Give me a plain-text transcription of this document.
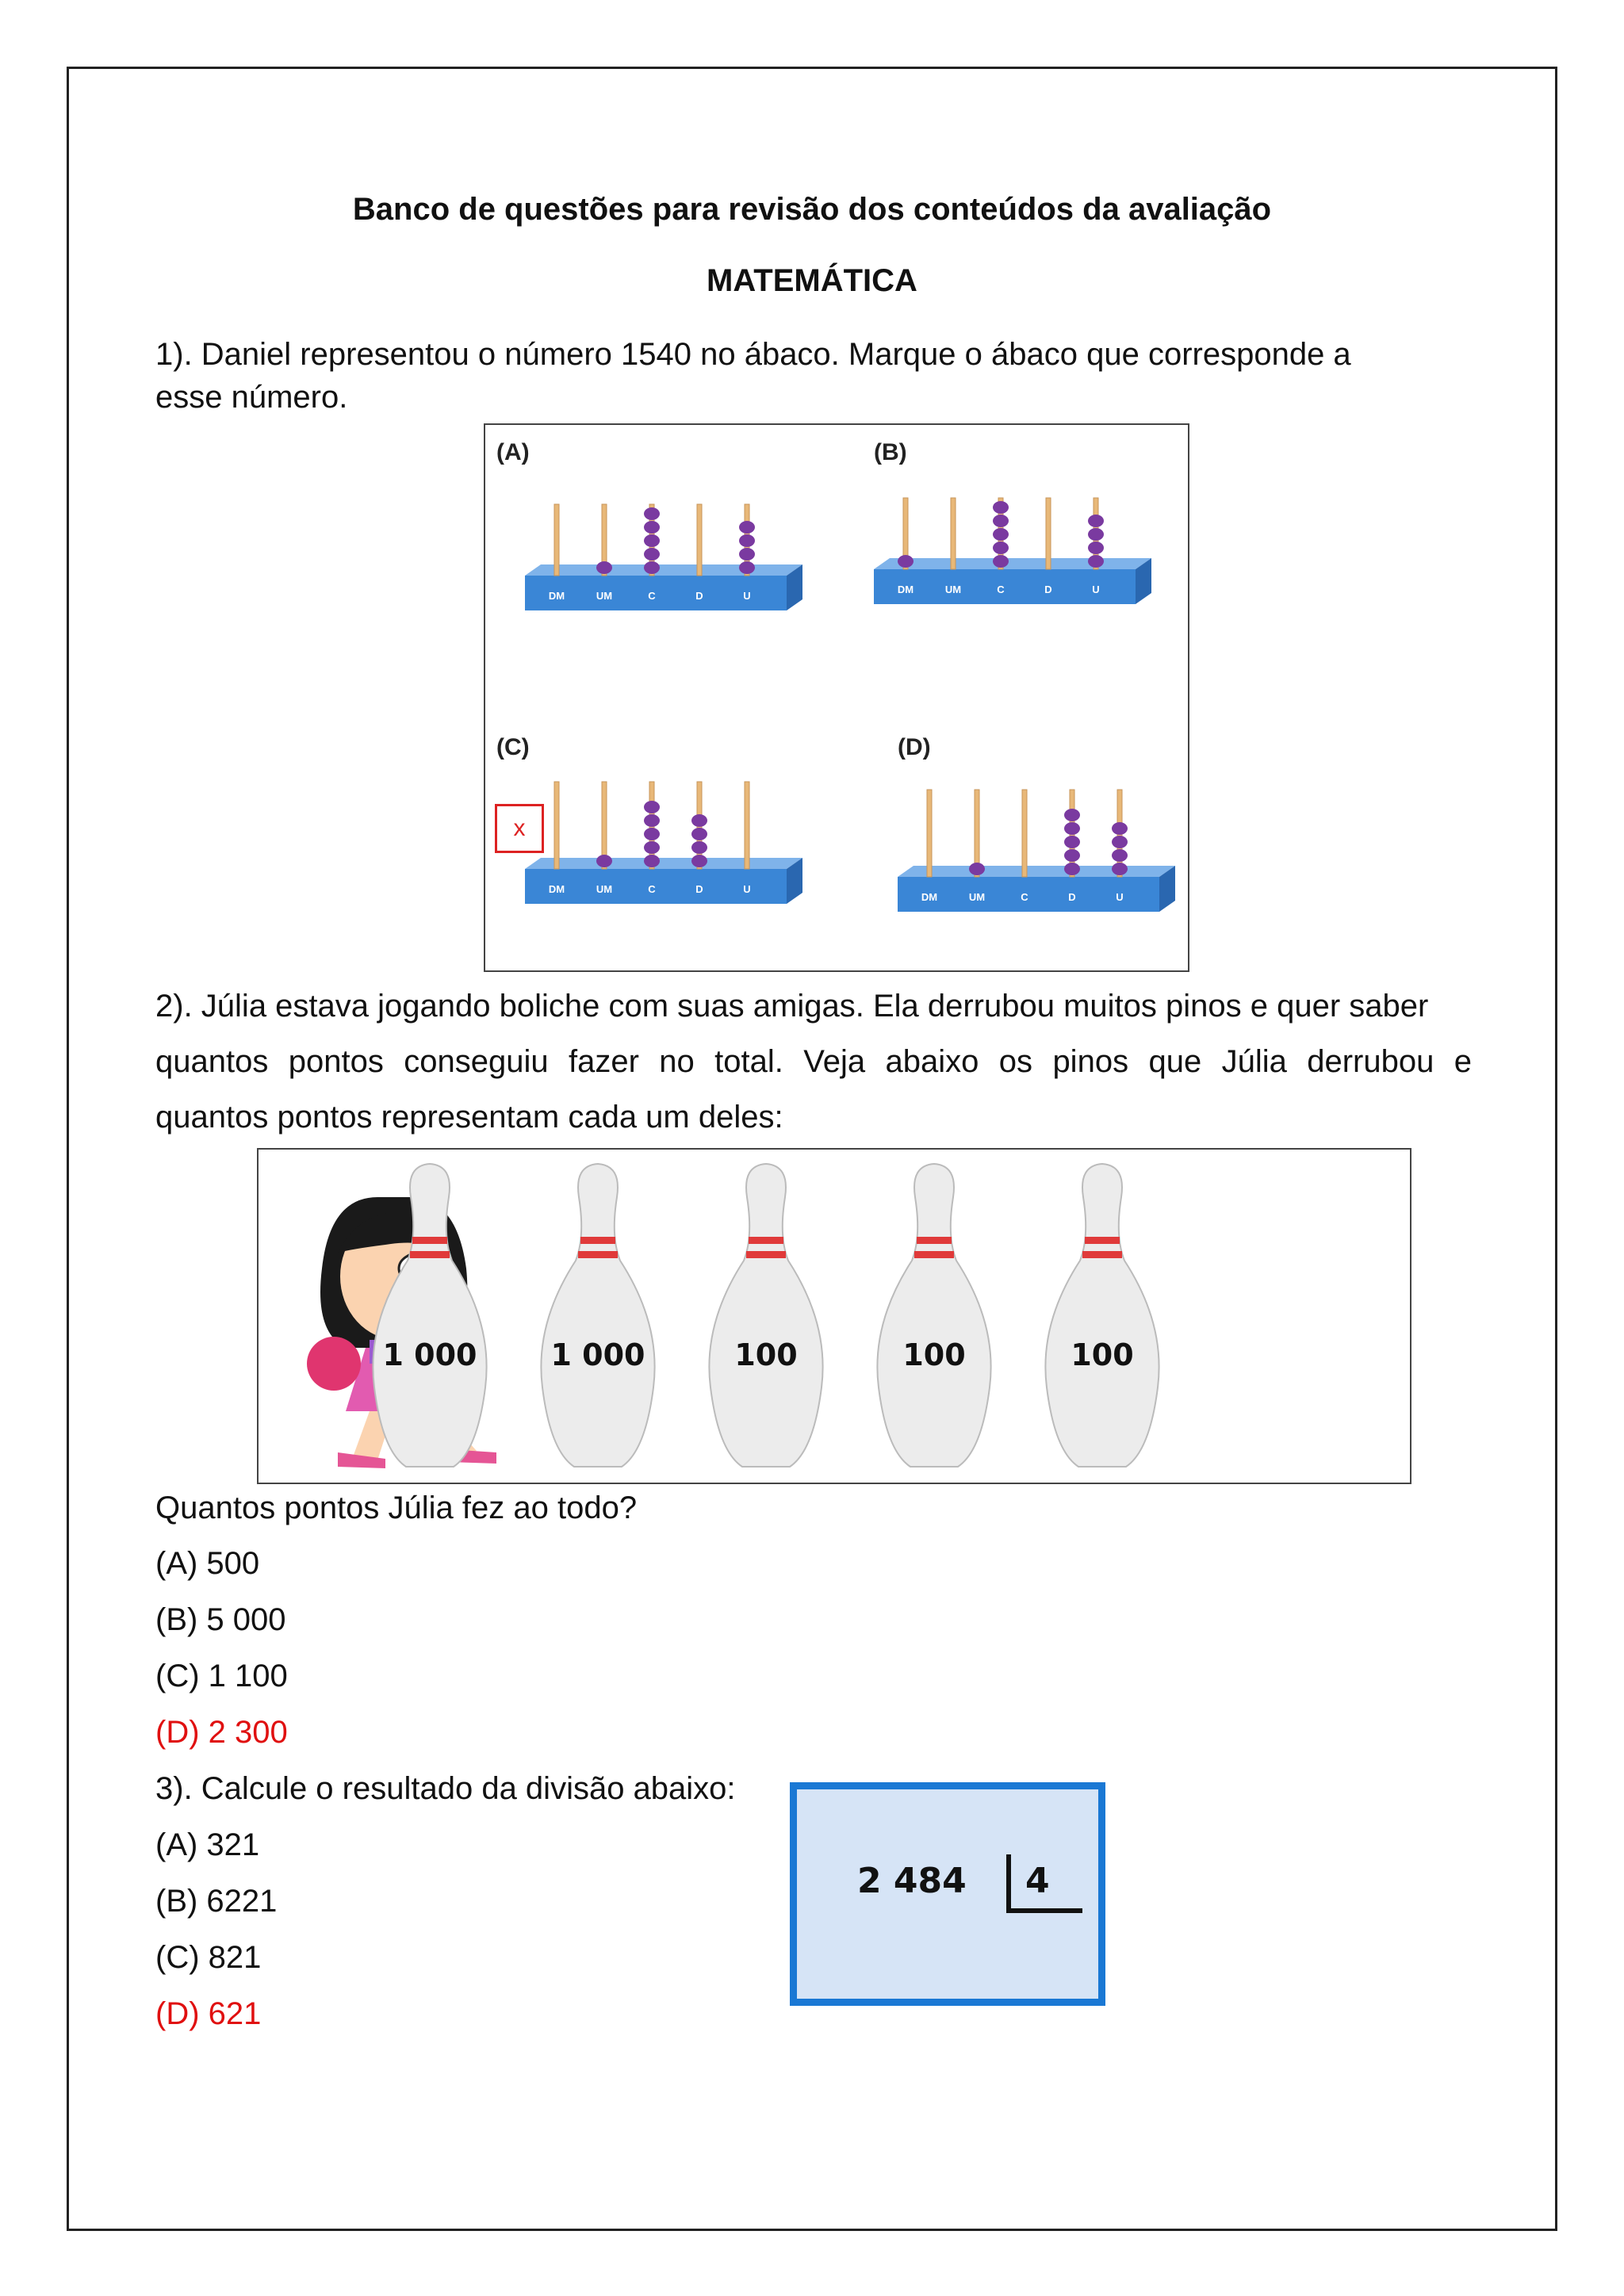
Banco de questões para revisão dos conteúdos da avaliação
MATEMÁTICA
1). Daniel representou o número 1540 no ábaco. Marque o ábaco que corresponde a
esse número.
(A)
DM	UM	C	D	U
(B)
DM	UM	C	D	U
(C)
x
DM	UM	C	D	U
(D)
DM	UM	C	D	U
2). Júlia estava jogando boliche com suas amigas. Ela derrubou muitos pinos e quer saber
quantos pontos conseguiu fazer no total. Veja abaixo os pinos que Júlia derrubou e
quantos pontos representam cada um deles:
1 000 1 000	100	100	100
Quantos pontos Júlia fez ao todo?
(A) 500
(B) 5 000
(C) 1 100
(D) 2 300
3). Calcule o resultado da divisão abaixo:
(A) 321
(B) 6221
(C) 821
(D) 621
2 484 4
